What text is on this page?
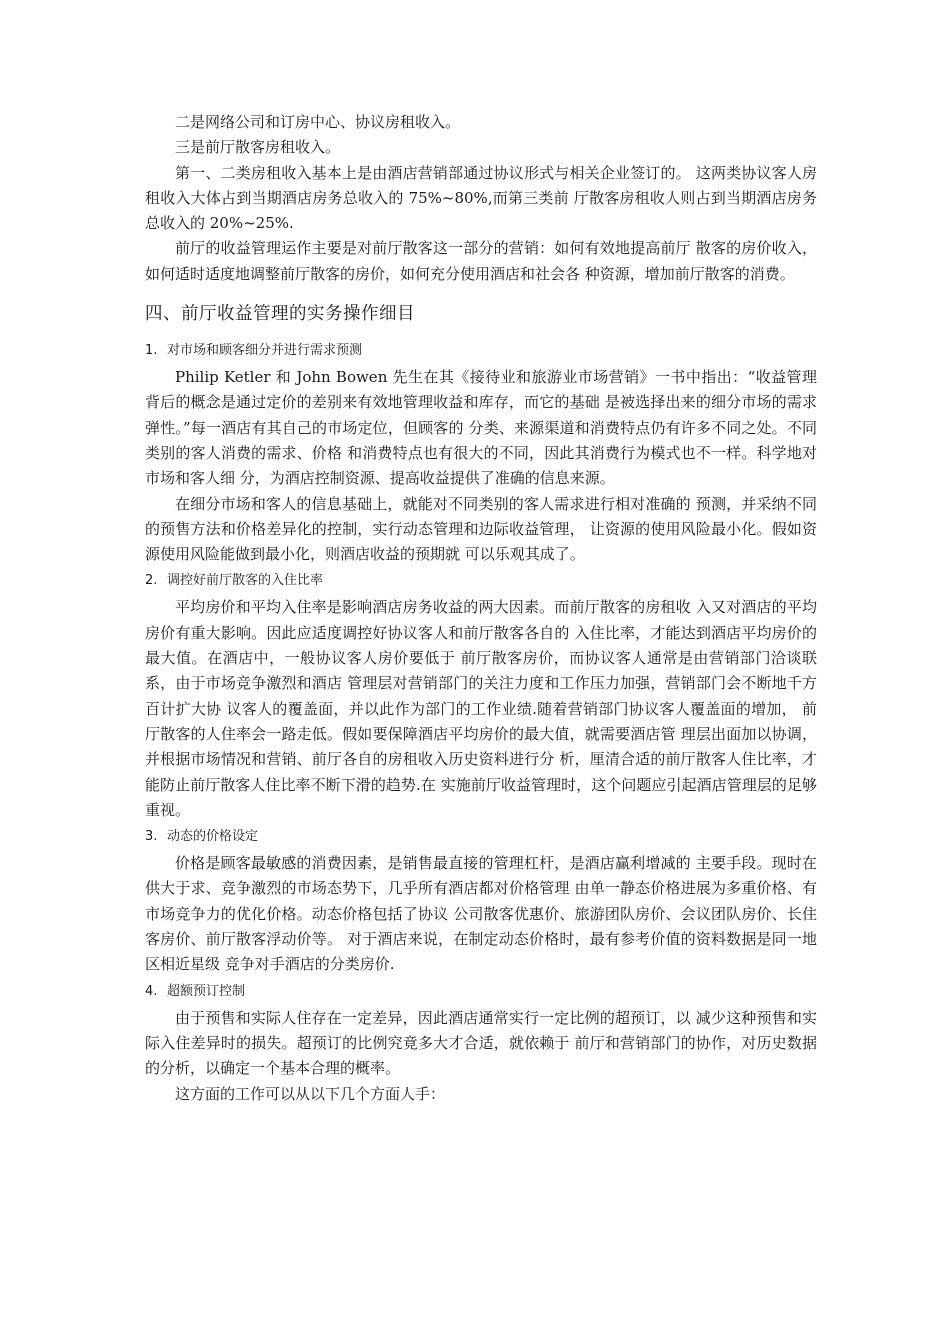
二是网络公司和订房中心、协议房租收入。

三是前厅散客房租收入。

第一、二类房租收入基本上是由酒店营销部通过协议形式与相关企业签订的。 这两类协议客人房租收入大体占到当期酒店房务总收入的 75%~80%,而第三类前 厅散客房租收人则占到当期酒店房务总收入的 20%~25%.

前厅的收益管理运作主要是对前厅散客这一部分的营销：如何有效地提高前厅 散客的房价收入，如何适时适度地调整前厅散客的房价，如何充分使用酒店和社会各 种资源，增加前厅散客的消费。

四、前厅收益管理的实务操作细目
1. 对市场和顾客细分并进行需求预测

Philip Ketler 和 John Bowen 先生在其《接待业和旅游业市场营销》一书中指出：“收益管理背后的概念是通过定价的差别来有效地管理收益和库存，而它的基础 是被选择出来的细分市场的需求弹性。”每一酒店有其自己的市场定位，但顾客的 分类、来源渠道和消费特点仍有许多不同之处。不同类别的客人消费的需求、价格 和消费特点也有很大的不同，因此其消费行为模式也不一样。科学地对市场和客人细 分，为酒店控制资源、提高收益提供了准确的信息来源。

在细分市场和客人的信息基础上，就能对不同类别的客人需求进行相对准确的 预测，并采纳不同的预售方法和价格差异化的控制，实行动态管理和边际收益管理， 让资源的使用风险最小化。假如资源使用风险能做到最小化，则酒店收益的预期就 可以乐观其成了。

2. 调控好前厅散客的入住比率

平均房价和平均入住率是影响酒店房务收益的两大因素。而前厅散客的房租收 入又对酒店的平均房价有重大影响。因此应适度调控好协议客人和前厅散客各自的 入住比率，才能达到酒店平均房价的最大值。在酒店中，一般协议客人房价要低于 前厅散客房价，而协议客人通常是由营销部门洽谈联系，由于市场竞争激烈和酒店 管理层对营销部门的关注力度和工作压力加强，营销部门会不断地千方百计扩大协 议客人的覆盖面，并以此作为部门的工作业绩.随着营销部门协议客人覆盖面的增加， 前厅散客的人住率会一路走低。假如要保障酒店平均房价的最大值，就需要酒店管 理层出面加以协调，并根据市场情况和营销、前厅各自的房租收入历史资料进行分 析，厘清合适的前厅散客人住比率，才能防止前厅散客人住比率不断下滑的趋势.在 实施前厅收益管理时，这个问题应引起酒店管理层的足够重视。

3. 动态的价格设定

价格是顾客最敏感的消费因素，是销售最直接的管理杠杆，是酒店赢利增减的 主要手段。现时在供大于求、竞争激烈的市场态势下，几乎所有酒店都对价格管理 由单一静态价格进展为多重价格、有市场竞争力的优化价格。动态价格包括了协议 公司散客优惠价、旅游团队房价、会议团队房价、长住客房价、前厅散客浮动价等。 对于酒店来说，在制定动态价格时，最有参考价值的资料数据是同一地区相近星级 竞争对手酒店的分类房价.

4. 超额预订控制

由于预售和实际人住存在一定差异，因此酒店通常实行一定比例的超预订，以 减少这种预售和实际入住差异时的损失。超预订的比例究竟多大才合适，就依赖于 前厅和营销部门的协作，对历史数据的分析，以确定一个基本合理的概率。

这方面的工作可以从以下几个方面人手：
